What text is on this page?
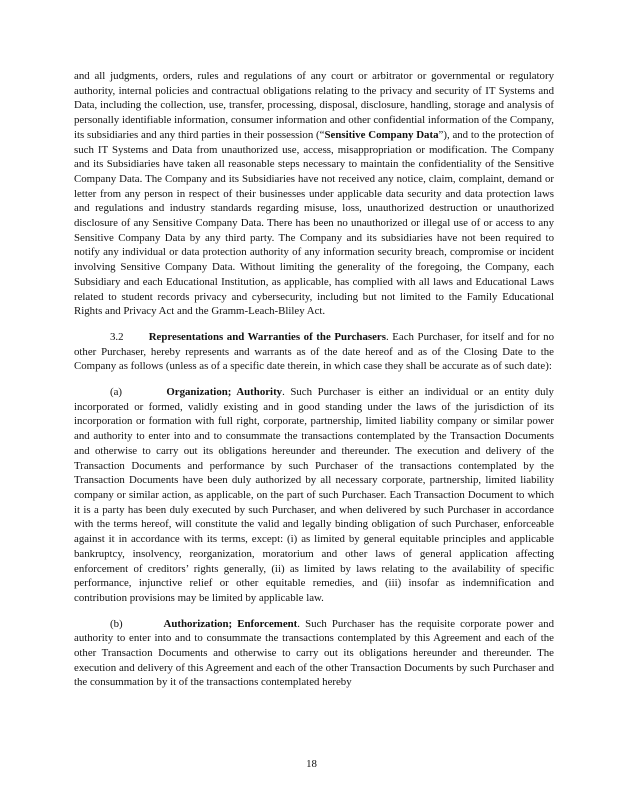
and all judgments, orders, rules and regulations of any court or arbitrator or governmental or regulatory authority, internal policies and contractual obligations relating to the privacy and security of IT Systems and Data, including the collection, use, transfer, processing, disposal, disclosure, handling, storage and analysis of personally identifiable information, consumer information and other confidential information of the Company, its subsidiaries and any third parties in their possession (“Sensitive Company Data”), and to the protection of such IT Systems and Data from unauthorized use, access, misappropriation or modification. The Company and its Subsidiaries have taken all reasonable steps necessary to maintain the confidentiality of the Sensitive Company Data. The Company and its Subsidiaries have not received any notice, claim, complaint, demand or letter from any person in respect of their businesses under applicable data security and data protection laws and regulations and industry standards regarding misuse, loss, unauthorized destruction or unauthorized disclosure of any Sensitive Company Data. There has been no unauthorized or illegal use of or access to any Sensitive Company Data by any third party. The Company and its subsidiaries have not been required to notify any individual or data protection authority of any information security breach, compromise or incident involving Sensitive Company Data. Without limiting the generality of the foregoing, the Company, each Subsidiary and each Educational Institution, as applicable, has complied with all laws and Educational Laws related to student records privacy and cybersecurity, including but not limited to the Family Educational Rights and Privacy Act and the Gramm-Leach-Bliley Act.

3.2 Representations and Warranties of the Purchasers. Each Purchaser, for itself and for no other Purchaser, hereby represents and warrants as of the date hereof and as of the Closing Date to the Company as follows (unless as of a specific date therein, in which case they shall be accurate as of such date):

(a)	Organization; Authority. Such Purchaser is either an individual or an entity duly incorporated or formed, validly existing and in good standing under the laws of the jurisdiction of its incorporation or formation with full right, corporate, partnership, limited liability company or similar power and authority to enter into and to consummate the transactions contemplated by the Transaction Documents and otherwise to carry out its obligations hereunder and thereunder. The execution and delivery of the Transaction Documents and performance by such Purchaser of the transactions contemplated by the Transaction Documents have been duly authorized by all necessary corporate, partnership, limited liability company or similar action, as applicable, on the part of such Purchaser. Each Transaction Document to which it is a party has been duly executed by such Purchaser, and when delivered by such Purchaser in accordance with the terms hereof, will constitute the valid and legally binding obligation of such Purchaser, enforceable against it in accordance with its terms, except: (i) as limited by general equitable principles and applicable bankruptcy, insolvency, reorganization, moratorium and other laws of general application affecting enforcement of creditors’ rights generally, (ii) as limited by laws relating to the availability of specific performance, injunctive relief or other equitable remedies, and (iii) insofar as indemnification and contribution provisions may be limited by applicable law.

(b)	Authorization; Enforcement. Such Purchaser has the requisite corporate power and authority to enter into and to consummate the transactions contemplated by this Agreement and each of the other Transaction Documents and otherwise to carry out its obligations hereunder and thereunder. The execution and delivery of this Agreement and each of the other Transaction Documents by such Purchaser and the consummation by it of the transactions contemplated hereby

18
